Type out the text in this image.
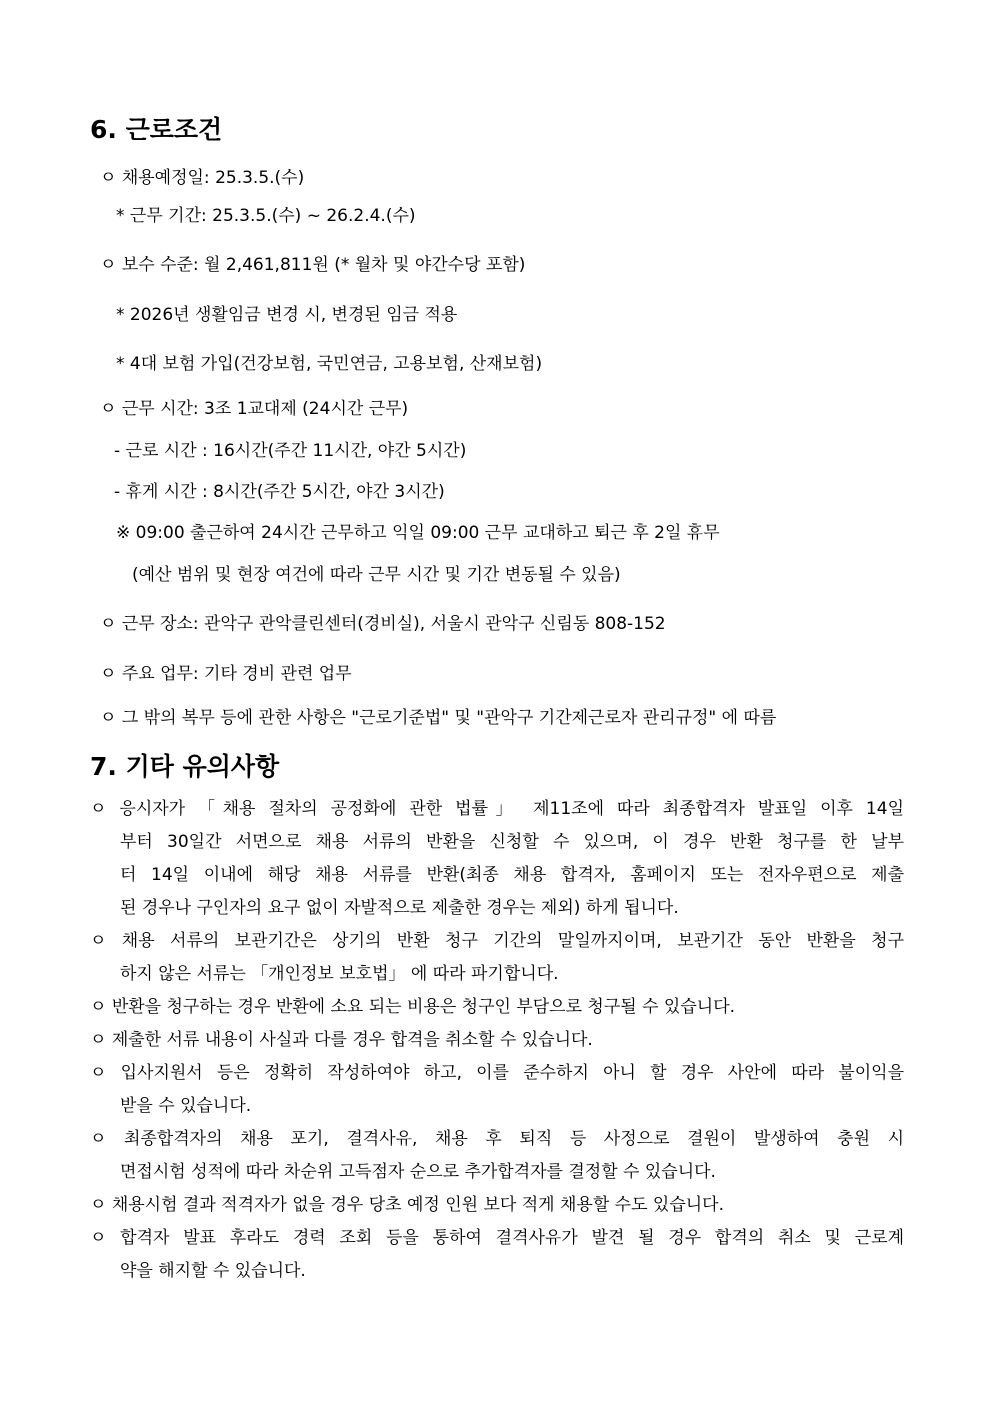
6. 근로조건
ㅇ 채용예정일: 25.3.5.(수)
* 근무 기간: 25.3.5.(수) ~ 26.2.4.(수)
ㅇ 보수 수준: 월 2,461,811원 (* 월차 및 야간수당 포함)
* 2026년 생활임금 변경 시, 변경된 임금 적용
* 4대 보험 가입(건강보험, 국민연금, 고용보험, 산재보험)
ㅇ 근무 시간: 3조 1교대제 (24시간 근무)
- 근로 시간 : 16시간(주간 11시간, 야간 5시간)
- 휴게 시간 : 8시간(주간 5시간, 야간 3시간)
※ 09:00 출근하여 24시간 근무하고 익일 09:00 근무 교대하고 퇴근 후 2일 휴무
(예산 범위 및 현장 여건에 따라 근무 시간 및 기간 변동될 수 있음)
ㅇ 근무 장소: 관악구 관악클린센터(경비실), 서울시 관악구 신림동 808-152
ㅇ 주요 업무: 기타 경비 관련 업무
ㅇ 그 밖의 복무 등에 관한 사항은 "근로기준법" 및 "관악구 기간제근로자 관리규정" 에 따름
7. 기타 유의사항
ㅇ 응시자가 「채용 절차의 공정화에 관한 법률」 제11조에 따라 최종합격자 발표일 이후 14일
부터 30일간 서면으로 채용 서류의 반환을 신청할 수 있으며, 이 경우 반환 청구를 한 날부
터 14일 이내에 해당 채용 서류를 반환(최종 채용 합격자, 홈페이지 또는 전자우편으로 제출
된 경우나 구인자의 요구 없이 자발적으로 제출한 경우는 제외) 하게 됩니다.
ㅇ 채용 서류의 보관기간은 상기의 반환 청구 기간의 말일까지이며, 보관기간 동안 반환을 청구
하지 않은 서류는 「개인정보 보호법」 에 따라 파기합니다.
ㅇ 반환을 청구하는 경우 반환에 소요 되는 비용은 청구인 부담으로 청구될 수 있습니다.
ㅇ 제출한 서류 내용이 사실과 다를 경우 합격을 취소할 수 있습니다.
ㅇ 입사지원서 등은 정확히 작성하여야 하고, 이를 준수하지 아니 할 경우 사안에 따라 불이익을
받을 수 있습니다.
ㅇ 최종합격자의 채용 포기, 결격사유, 채용 후 퇴직 등 사정으로 결원이 발생하여 충원 시
면접시험 성적에 따라 차순위 고득점자 순으로 추가합격자를 결정할 수 있습니다.
ㅇ 채용시험 결과 적격자가 없을 경우 당초 예정 인원 보다 적게 채용할 수도 있습니다.
ㅇ 합격자 발표 후라도 경력 조회 등을 통하여 결격사유가 발견 될 경우 합격의 취소 및 근로계
약을 해지할 수 있습니다.
